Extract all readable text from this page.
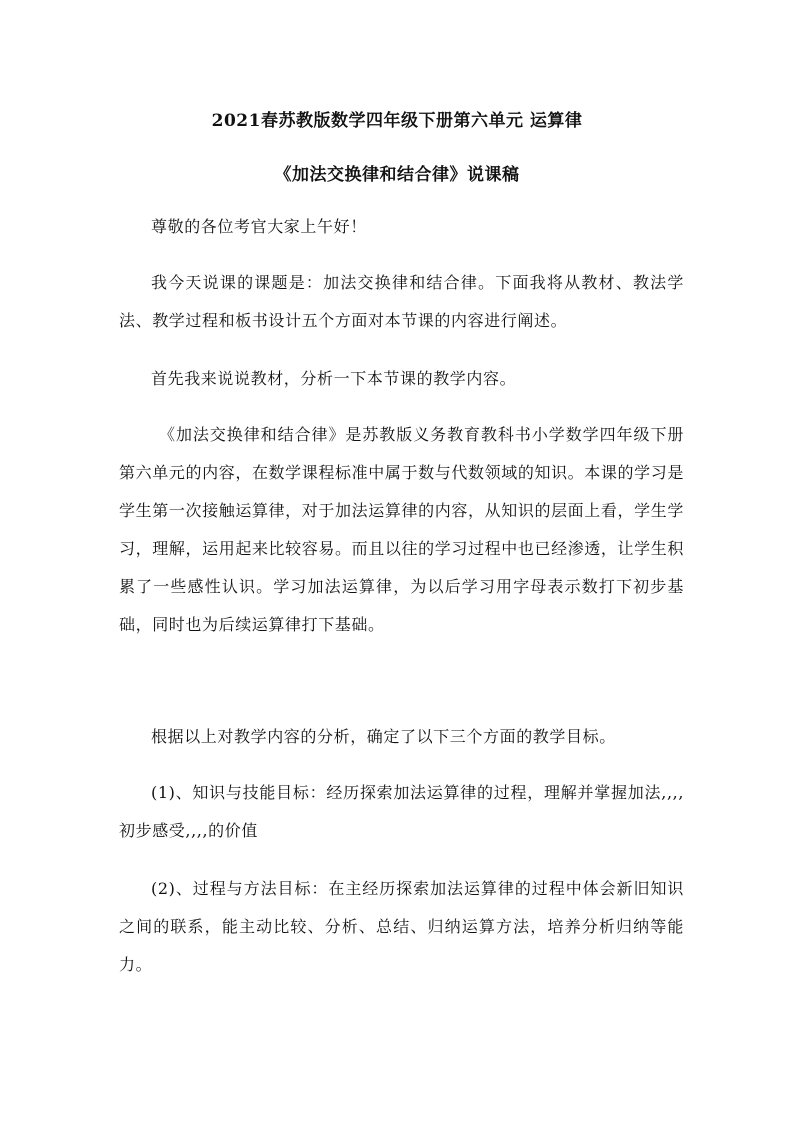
2021春苏教版数学四年级下册第六单元 运算律
《加法交换律和结合律》说课稿
尊敬的各位考官大家上午好！
我今天说课的课题是：加法交换律和结合律。下面我将从教材、教法学法、教学过程和板书设计五个方面对本节课的内容进行阐述。
首先我来说说教材，分析一下本节课的教学内容。
《加法交换律和结合律》是苏教版义务教育教科书小学数学四年级下册第六单元的内容，在数学课程标准中属于数与代数领域的知识。本课的学习是学生第一次接触运算律，对于加法运算律的内容，从知识的层面上看，学生学习，理解，运用起来比较容易。而且以往的学习过程中也已经渗透，让学生积累了一些感性认识。学习加法运算律，为以后学习用字母表示数打下初步基础，同时也为后续运算律打下基础。
根据以上对教学内容的分析，确定了以下三个方面的教学目标。
(1)、知识与技能目标：经历探索加法运算律的过程，理解并掌握加法,,,,初步感受,,,,的价值
(2)、过程与方法目标：在主经历探索加法运算律的过程中体会新旧知识之间的联系，能主动比较、分析、总结、归纳运算方法，培养分析归纳等能力。
